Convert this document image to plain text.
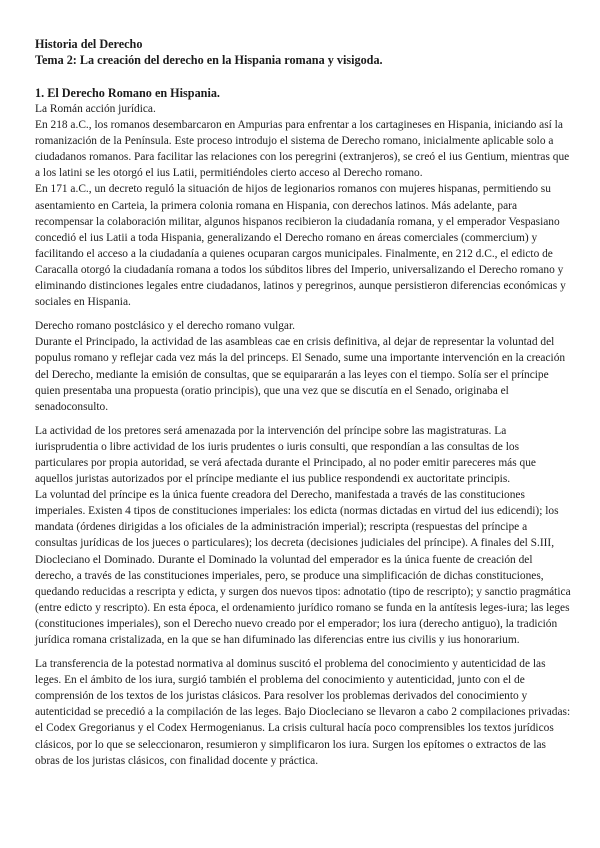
Historia del Derecho

Tema 2: La creación del derecho en la Hispania romana y visigoda.

1. El Derecho Romano en Hispania.

La Román acción jurídica.

En 218 a.C., los romanos desembarcaron en Ampurias para enfrentar a los cartagineses en Hispania, iniciando así la romanización de la Península. Este proceso introdujo el sistema de Derecho romano, inicialmente aplicable solo a ciudadanos romanos. Para facilitar las relaciones con los peregrini (extranjeros), se creó el ius Gentium, mientras que a los latini se les otorgó el ius Latii, permitiéndoles cierto acceso al Derecho romano.

En 171 a.C., un decreto reguló la situación de hijos de legionarios romanos con mujeres hispanas, permitiendo su asentamiento en Carteia, la primera colonia romana en Hispania, con derechos latinos. Más adelante, para recompensar la colaboración militar, algunos hispanos recibieron la ciudadanía romana, y el emperador Vespasiano concedió el ius Latii a toda Hispania, generalizando el Derecho romano en áreas comerciales (commercium) y facilitando el acceso a la ciudadanía a quienes ocuparan cargos municipales. Finalmente, en 212 d.C., el edicto de Caracalla otorgó la ciudadanía romana a todos los súbditos libres del Imperio, universalizando el Derecho romano y eliminando distinciones legales entre ciudadanos, latinos y peregrinos, aunque persistieron diferencias económicas y sociales en Hispania.

Derecho romano postclásico y el derecho romano vulgar.

Durante el Principado, la actividad de las asambleas cae en crisis definitiva, al dejar de representar la voluntad del populus romano y reflejar cada vez más la del princeps. El Senado, sume una importante intervención en la creación del Derecho, mediante la emisión de consultas, que se equipararán a las leyes con el tiempo. Solía ser el príncipe quien presentaba una propuesta (oratio principis), que una vez que se discutía en el Senado, originaba el senadoconsulto.

La actividad de los pretores será amenazada por la intervención del príncipe sobre las magistraturas. La iurisprudentia o libre actividad de los iuris prudentes o iuris consulti, que respondían a las consultas de los particulares por propia autoridad, se verá afectada durante el Principado, al no poder emitir pareceres más que aquellos juristas autorizados por el príncipe mediante el ius publice respondendi ex auctoritate principis.

La voluntad del príncipe es la única fuente creadora del Derecho, manifestada a través de las constituciones imperiales. Existen 4 tipos de constituciones imperiales: los edicta (normas dictadas en virtud del ius edicendi); los mandata (órdenes dirigidas a los oficiales de la administración imperial); rescripta (respuestas del príncipe a consultas jurídicas de los jueces o particulares); los decreta (decisiones judiciales del príncipe). A finales del S.III, Diocleciano el Dominado. Durante el Dominado la voluntad del emperador es la única fuente de creación del derecho, a través de las constituciones imperiales, pero, se produce una simplificación de dichas constituciones, quedando reducidas a rescripta y edicta, y surgen dos nuevos tipos: adnotatio (tipo de rescripto); y sanctio pragmática (entre edicto y rescripto). En esta época, el ordenamiento jurídico romano se funda en la antítesis leges-iura; las leges (constituciones imperiales), son el Derecho nuevo creado por el emperador; los iura (derecho antiguo), la tradición jurídica romana cristalizada, en la que se han difuminado las diferencias entre ius civilis y ius honorarium.

La transferencia de la potestad normativa al dominus suscitó el problema del conocimiento y autenticidad de las leges. En el ámbito de los iura, surgió también el problema del conocimiento y autenticidad, junto con el de comprensión de los textos de los juristas clásicos. Para resolver los problemas derivados del conocimiento y autenticidad se precedió a la compilación de las leges. Bajo Diocleciano se llevaron a cabo 2 compilaciones privadas: el Codex Gregorianus y el Codex Hermogenianus. La crisis cultural hacía poco comprensibles los textos jurídicos clásicos, por lo que se seleccionaron, resumieron y simplificaron los iura. Surgen los epítomes o extractos de las obras de los juristas clásicos, con finalidad docente y práctica.
